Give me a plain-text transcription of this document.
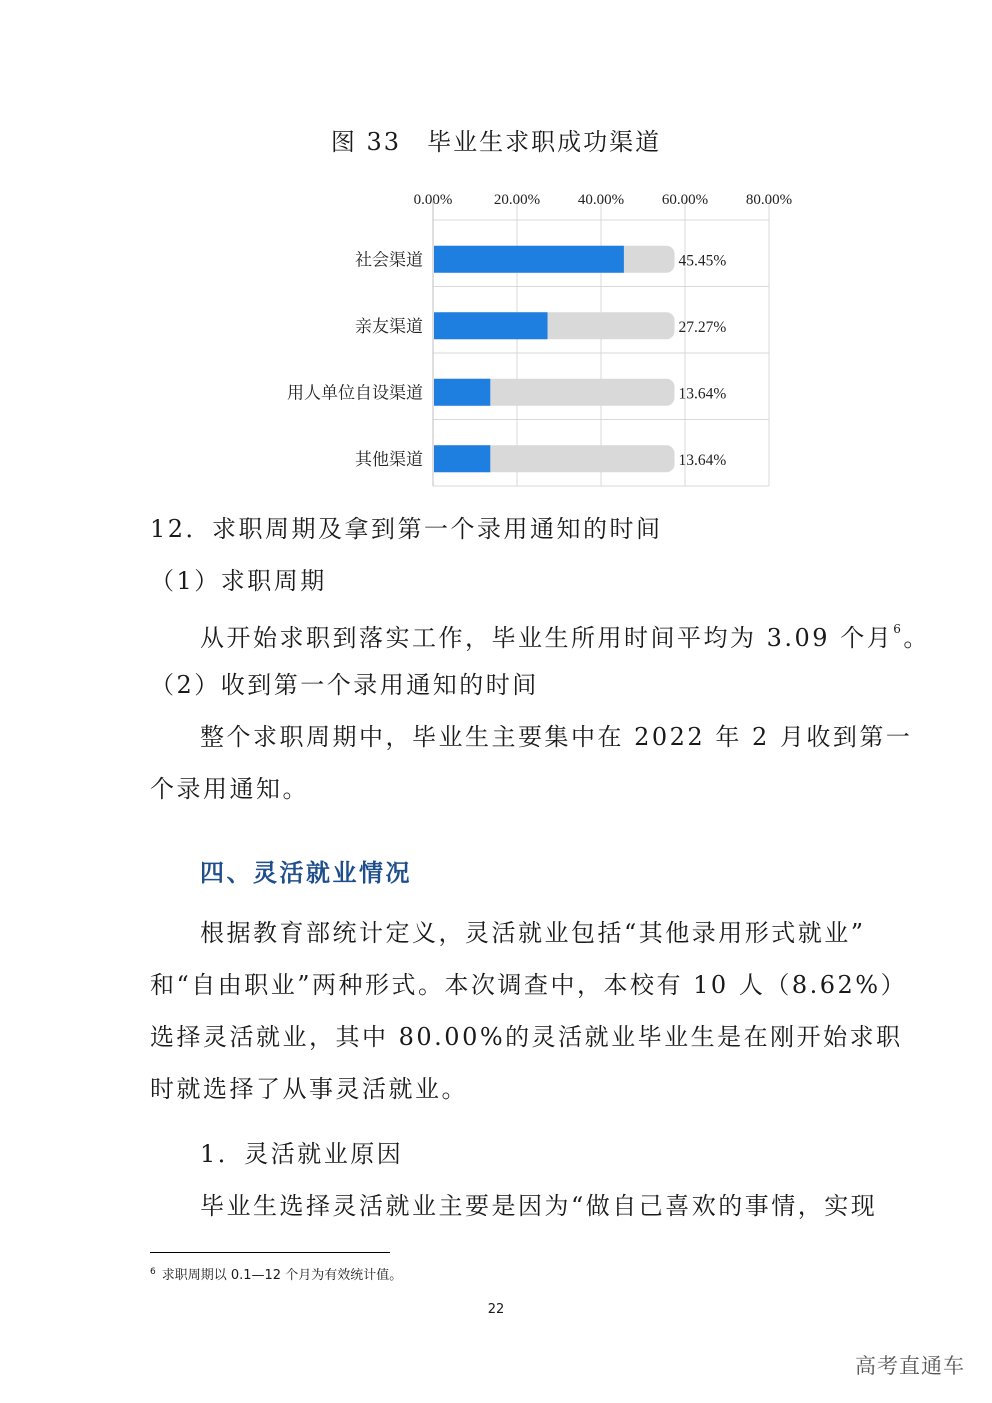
图 33　毕业生求职成功渠道
0.00%	20.00%	40.00%	60.00%	80.00%
社会渠道	45.45%
亲友渠道	27.27%
用人单位自设渠道	13.64%
其他渠道	13.64%
12．求职周期及拿到第一个录用通知的时间
（1）求职周期
从开始求职到落实工作，毕业生所用时间平均为 3.09 个月$^6$。
（2）收到第一个录用通知的时间
整个求职周期中，毕业生主要集中在 2022 年 2 月收到第一
个录用通知。
四、灵活就业情况
根据教育部统计定义，灵活就业包括“其他录用形式就业”
和“自由职业”两种形式。本次调查中，本校有 10 人（8.62%）
选择灵活就业，其中 80.00%的灵活就业毕业生是在刚开始求职
时就选择了从事灵活就业。
1．灵活就业原因
毕业生选择灵活就业主要是因为“做自己喜欢的事情，实现
$^6$ 求职周期以 0.1—12 个月为有效统计值。
22
高考直通车
